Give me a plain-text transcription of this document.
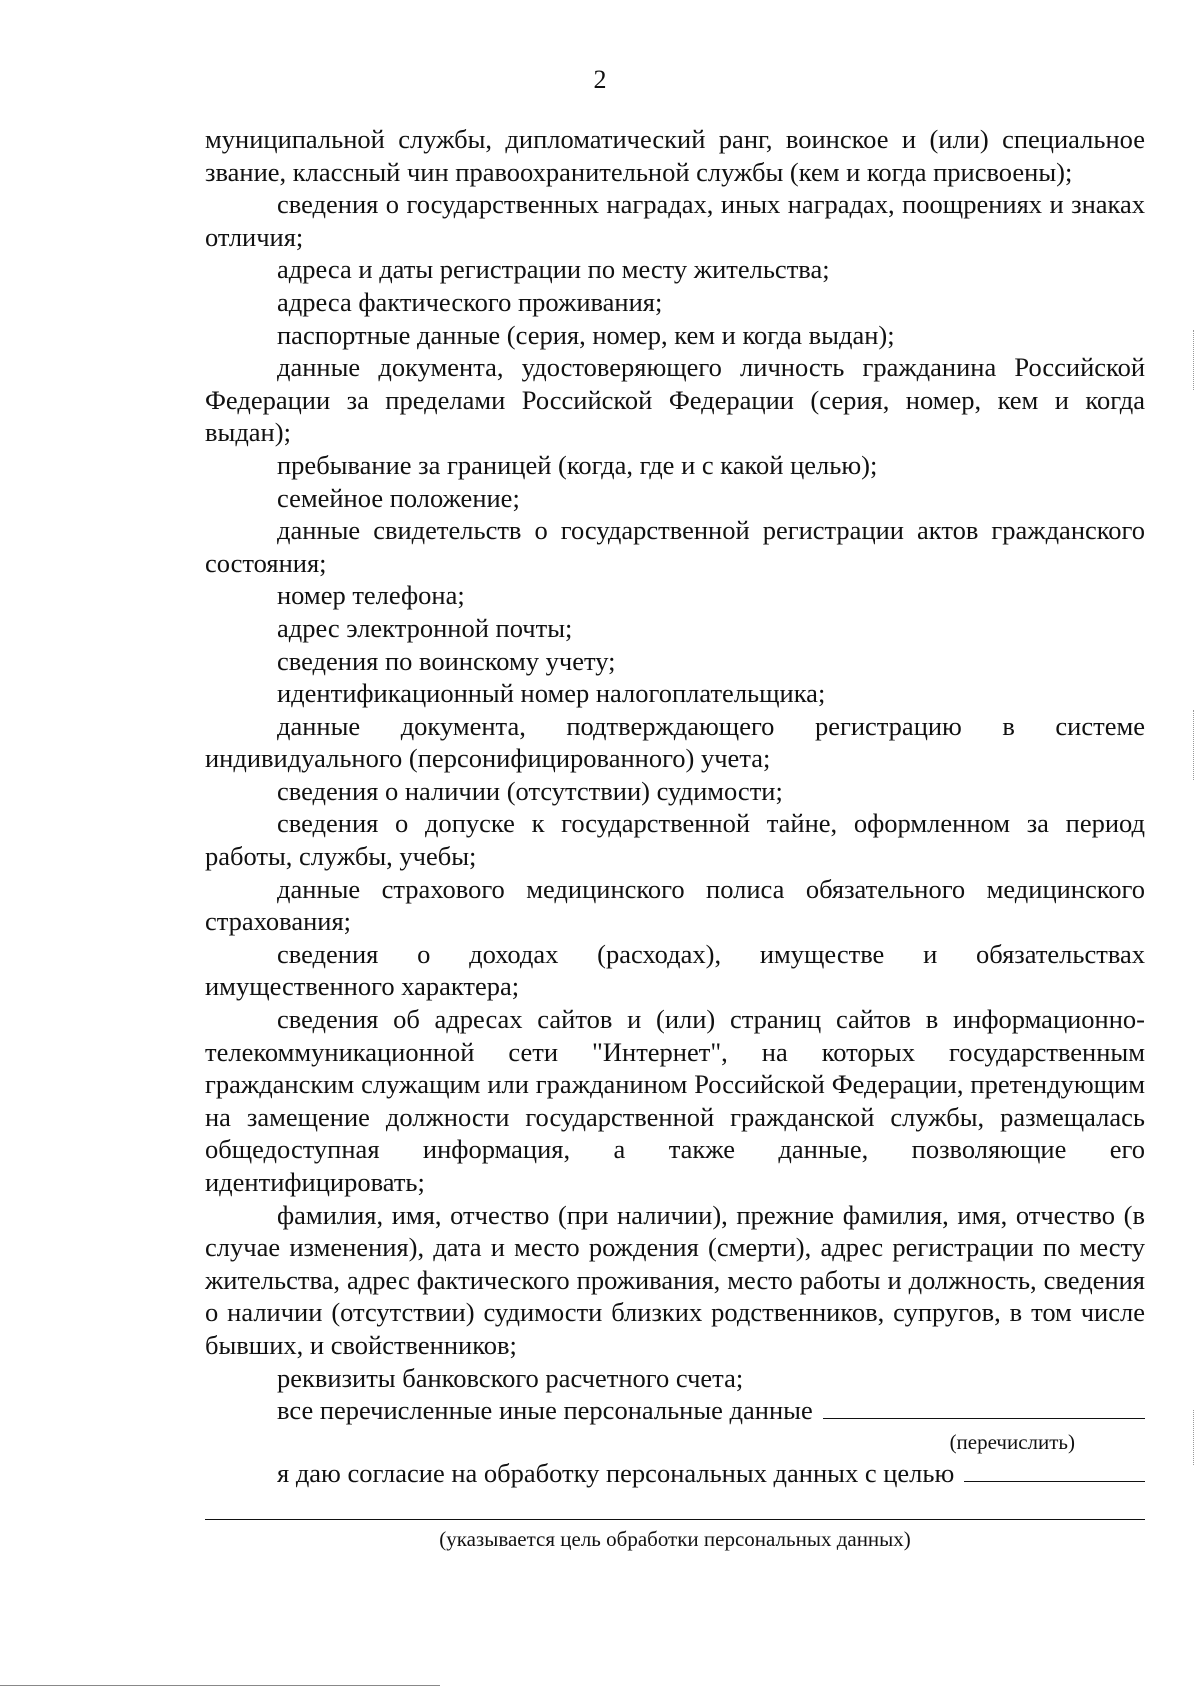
2

муниципальной службы, дипломатический ранг, воинское и (или) специальное звание, классный чин правоохранительной службы (кем и когда присвоены);

сведения о государственных наградах, иных наградах, поощрениях и знаках отличия;

адреса и даты регистрации по месту жительства;

адреса фактического проживания;

паспортные данные (серия, номер, кем и когда выдан);

данные документа, удостоверяющего личность гражданина Российской Федерации за пределами Российской Федерации (серия, номер, кем и когда выдан);

пребывание за границей (когда, где и с какой целью);

семейное положение;

данные свидетельств о государственной регистрации актов гражданского состояния;

номер телефона;

адрес электронной почты;

сведения по воинскому учету;

идентификационный номер налогоплательщика;

данные документа, подтверждающего регистрацию в системе индивидуального (персонифицированного) учета;

сведения о наличии (отсутствии) судимости;

сведения о допуске к государственной тайне, оформленном за период работы, службы, учебы;

данные страхового медицинского полиса обязательного медицинского страхования;

сведения о доходах (расходах), имуществе и обязательствах имущественного характера;

сведения об адресах сайтов и (или) страниц сайтов в информационно-телекоммуникационной сети "Интернет", на которых государственным гражданским служащим или гражданином Российской Федерации, претендующим на замещение должности государственной гражданской службы, размещалась общедоступная информация, а также данные, позволяющие его идентифицировать;

фамилия, имя, отчество (при наличии), прежние фамилия, имя, отчество (в случае изменения), дата и место рождения (смерти), адрес регистрации по месту жительства, адрес фактического проживания, место работы и должность, сведения о наличии (отсутствии) судимости близких родственников, супругов, в том числе бывших, и свойственников;

реквизиты банковского расчетного счета;

все перечисленные иные персональные данные
(перечислить)
я даю согласие на обработку персональных данных с целью
(указывается цель обработки персональных данных)
